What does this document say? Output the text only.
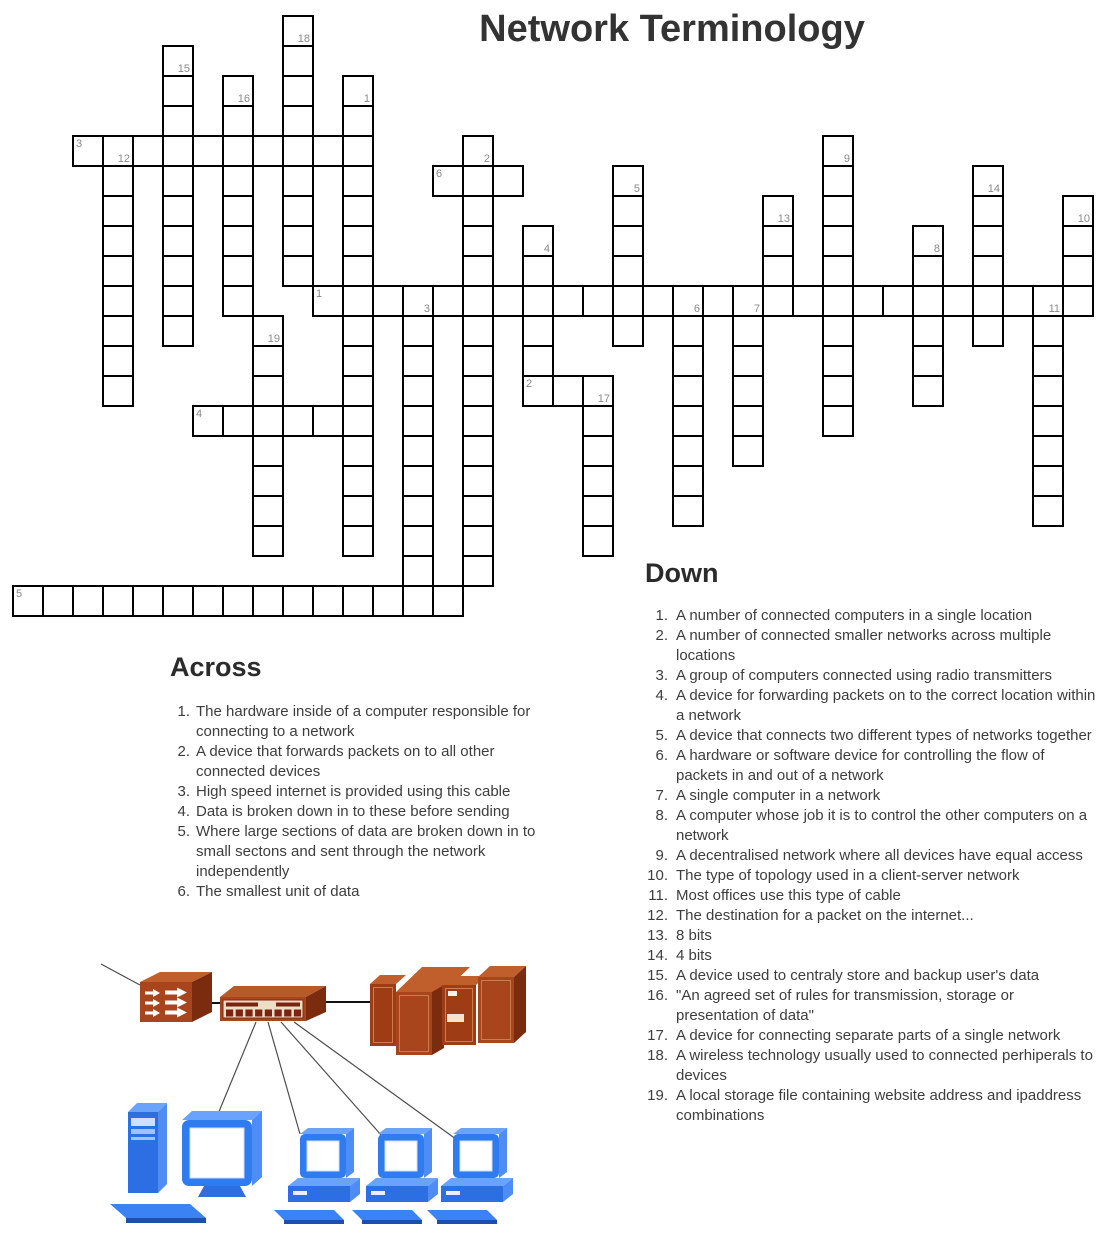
Network Terminology
1
3	6	7	11
2
17
3
12
4
5
6
1
2
4
5
8
9
10
13
14
15
16
18
19
Across
1. The hardware inside of a computer responsible for connecting to a network
2. A device that forwards packets on to all other connected devices
3. High speed internet is provided using this cable
4. Data is broken down in to these before sending
5. Where large sections of data are broken down in to small sectons and sent through the network independently
6. The smallest unit of data
Down
1. A number of connected computers in a single location
2. A number of connected smaller networks across multiple locations
3. A group of computers connected using radio transmitters
4. A device for forwarding packets on to the correct location within a network
5. A device that connects two different types of networks together
6. A hardware or software device for controlling the flow of packets in and out of a network
7. A single computer in a network
8. A computer whose job it is to control the other computers on a network
9. A decentralised network where all devices have equal access
10. The type of topology used in a client-server network
11. Most offices use this type of cable
12. The destination for a packet on the internet...
13. 8 bits
14. 4 bits
15. A device used to centraly store and backup user's data
16. "An agreed set of rules for transmission, storage or presentation of data"
17. A device for connecting separate parts of a single network
18. A wireless technology usually used to connected perhiperals to devices
19. A local storage file containing website address and ipaddress combinations
